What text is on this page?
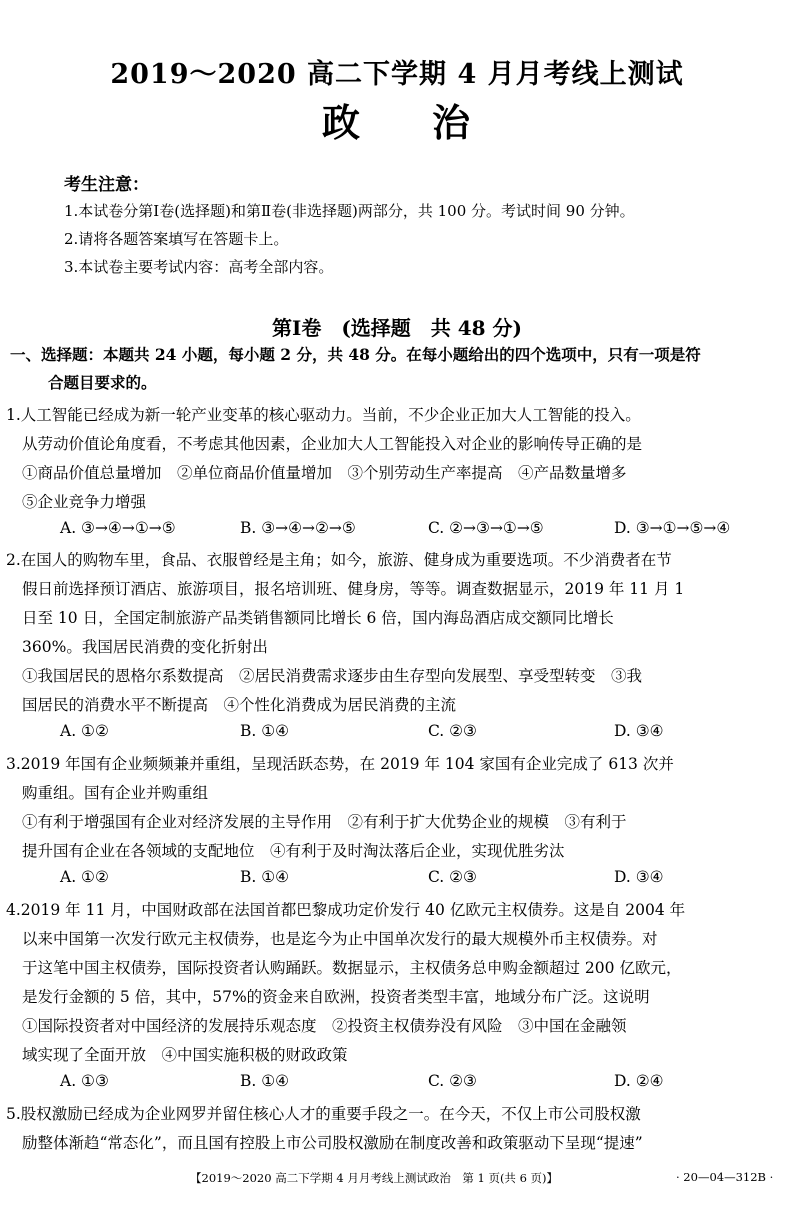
2019～2020 高二下学期 4 月月考线上测试
政 治
考生注意：
1.本试卷分第Ⅰ卷(选择题)和第Ⅱ卷(非选择题)两部分，共 100 分。考试时间 90 分钟。
2.请将各题答案填写在答题卡上。
3.本试卷主要考试内容：高考全部内容。
第Ⅰ卷　(选择题　共 48 分)
一、选择题：本题共 24 小题，每小题 2 分，共 48 分。在每小题给出的四个选项中，只有一项是符
合题目要求的。
1.人工智能已经成为新一轮产业变革的核心驱动力。当前，不少企业正加大人工智能的投入。
从劳动价值论角度看，不考虑其他因素，企业加大人工智能投入对企业的影响传导正确的是
①商品价值总量增加　②单位商品价值量增加　③个别劳动生产率提高　④产品数量增多
⑤企业竞争力增强
A. ③→④→①→⑤	B. ③→④→②→⑤	C. ②→③→①→⑤	D. ③→①→⑤→④
2.在国人的购物车里，食品、衣服曾经是主角；如今，旅游、健身成为重要选项。不少消费者在节
假日前选择预订酒店、旅游项目，报名培训班、健身房，等等。调查数据显示，2019 年 11 月 1
日至 10 日，全国定制旅游产品类销售额同比增长 6 倍，国内海岛酒店成交额同比增长
360%。我国居民消费的变化折射出
①我国居民的恩格尔系数提高　②居民消费需求逐步由生存型向发展型、享受型转变　③我
国居民的消费水平不断提高　④个性化消费成为居民消费的主流
A. ①②	B. ①④	C. ②③	D. ③④
3.2019 年国有企业频频兼并重组，呈现活跃态势，在 2019 年 104 家国有企业完成了 613 次并
购重组。国有企业并购重组
①有利于增强国有企业对经济发展的主导作用　②有利于扩大优势企业的规模　③有利于
提升国有企业在各领域的支配地位　④有利于及时淘汰落后企业，实现优胜劣汰
A. ①②	B. ①④	C. ②③	D. ③④
4.2019 年 11 月，中国财政部在法国首都巴黎成功定价发行 40 亿欧元主权债券。这是自 2004 年
以来中国第一次发行欧元主权债券，也是迄今为止中国单次发行的最大规模外币主权债券。对
于这笔中国主权债券，国际投资者认购踊跃。数据显示，主权债务总申购金额超过 200 亿欧元，
是发行金额的 5 倍，其中，57%的资金来自欧洲，投资者类型丰富，地域分布广泛。这说明
①国际投资者对中国经济的发展持乐观态度　②投资主权债券没有风险　③中国在金融领
域实现了全面开放　④中国实施积极的财政政策
A. ①③	B. ①④	C. ②③	D. ②④
5.股权激励已经成为企业网罗并留住核心人才的重要手段之一。在今天，不仅上市公司股权激
励整体渐趋“常态化”，而且国有控股上市公司股权激励在制度改善和政策驱动下呈现“提速”
【2019～2020 高二下学期 4 月月考线上测试政治　第 1 页(共 6 页)】	· 20—04—312B ·
